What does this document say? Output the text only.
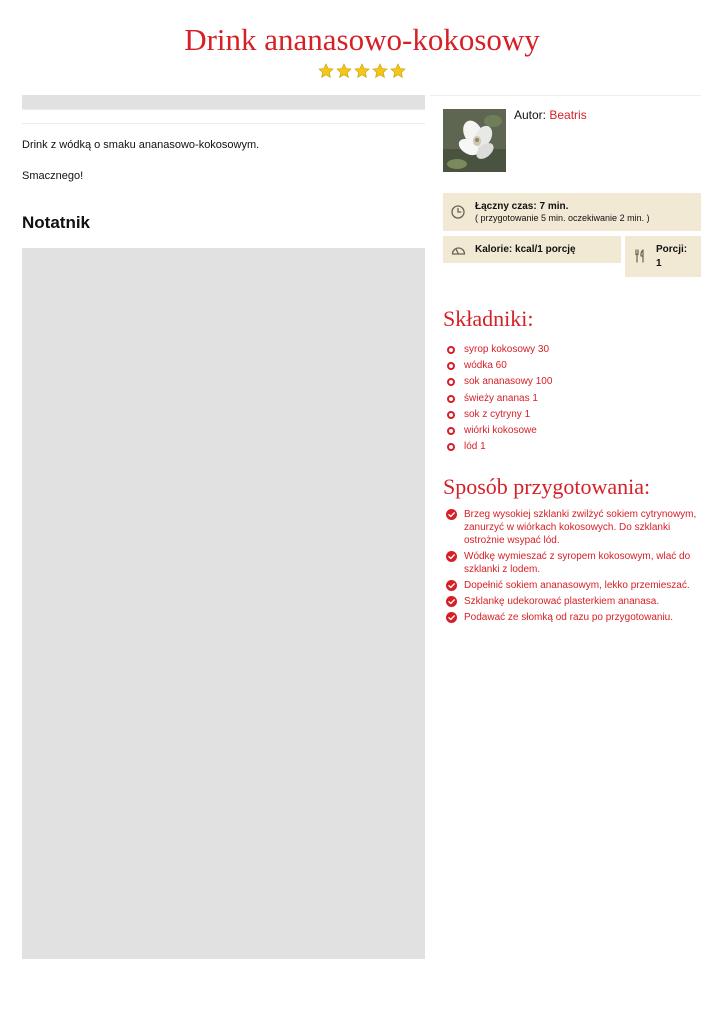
Drink ananasowo-kokosowy

Drink z wódką o smaku ananasowo-kokosowym.

Smacznego!

Notatnik
Autor: Beatris
Łączny czas: 7 min.
( przygotowanie 5 min. oczekiwanie 2 min. )
Kalorie: kcal/1 porcję	Porcji:
1
Składniki:
syrop kokosowy 30
wódka 60
sok ananasowy 100
świeży ananas 1
sok z cytryny 1
wiórki kokosowe
lód 1
Sposób przygotowania:
Brzeg wysokiej szklanki zwilżyć sokiem cytrynowym, zanurzyć w wiórkach kokosowych. Do szklanki ostrożnie wsypać lód.
Wódkę wymieszać z syropem kokosowym, wlać do szklanki z lodem.
Dopełnić sokiem ananasowym, lekko przemieszać.
Szklankę udekorować plasterkiem ananasa.
Podawać ze słomką od razu po przygotowaniu.
